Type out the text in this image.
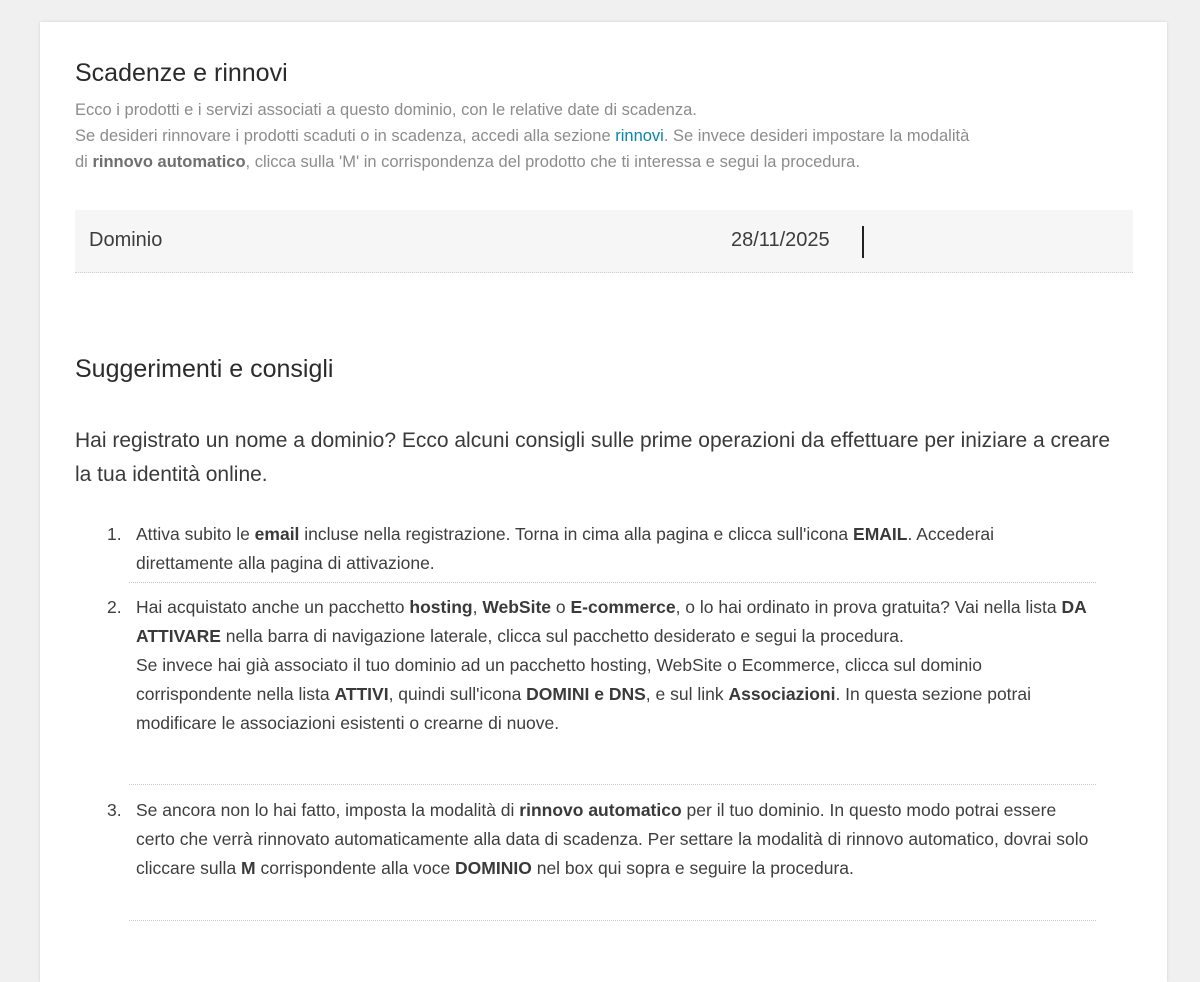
Scadenze e rinnovi
Ecco i prodotti e i servizi associati a questo dominio, con le relative date di scadenza.
Se desideri rinnovare i prodotti scaduti o in scadenza, accedi alla sezione rinnovi. Se invece desideri impostare la modalità
di rinnovo automatico, clicca sulla 'M' in corrispondenza del prodotto che ti interessa e segui la procedura.
Dominio	28/11/2025
Suggerimenti e consigli
Hai registrato un nome a dominio? Ecco alcuni consigli sulle prime operazioni da effettuare per iniziare a creare la tua identità online.
1. Attiva subito le email incluse nella registrazione. Torna in cima alla pagina e clicca sull'icona EMAIL. Accederai direttamente alla pagina di attivazione.
2. Hai acquistato anche un pacchetto hosting, WebSite o E-commerce, o lo hai ordinato in prova gratuita? Vai nella lista DA ATTIVARE nella barra di navigazione laterale, clicca sul pacchetto desiderato e segui la procedura.
Se invece hai già associato il tuo dominio ad un pacchetto hosting, WebSite o Ecommerce, clicca sul dominio corrispondente nella lista ATTIVI, quindi sull'icona DOMINI e DNS, e sul link Associazioni. In questa sezione potrai modificare le associazioni esistenti o crearne di nuove.
3. Se ancora non lo hai fatto, imposta la modalità di rinnovo automatico per il tuo dominio. In questo modo potrai essere certo che verrà rinnovato automaticamente alla data di scadenza. Per settare la modalità di rinnovo automatico, dovrai solo cliccare sulla M corrispondente alla voce DOMINIO nel box qui sopra e seguire la procedura.
